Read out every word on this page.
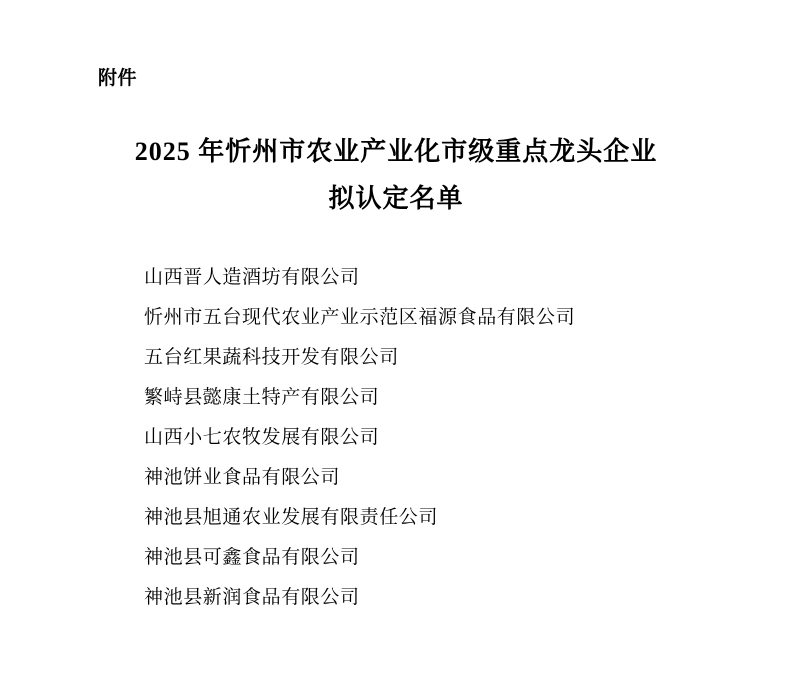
附件
2025 年忻州市农业产业化市级重点龙头企业
拟认定名单
山西晋人造酒坊有限公司
忻州市五台现代农业产业示范区福源食品有限公司
五台红果蔬科技开发有限公司
繁峙县懿康土特产有限公司
山西小七农牧发展有限公司
神池饼业食品有限公司
神池县旭通农业发展有限责任公司
神池县可鑫食品有限公司
神池县新润食品有限公司
